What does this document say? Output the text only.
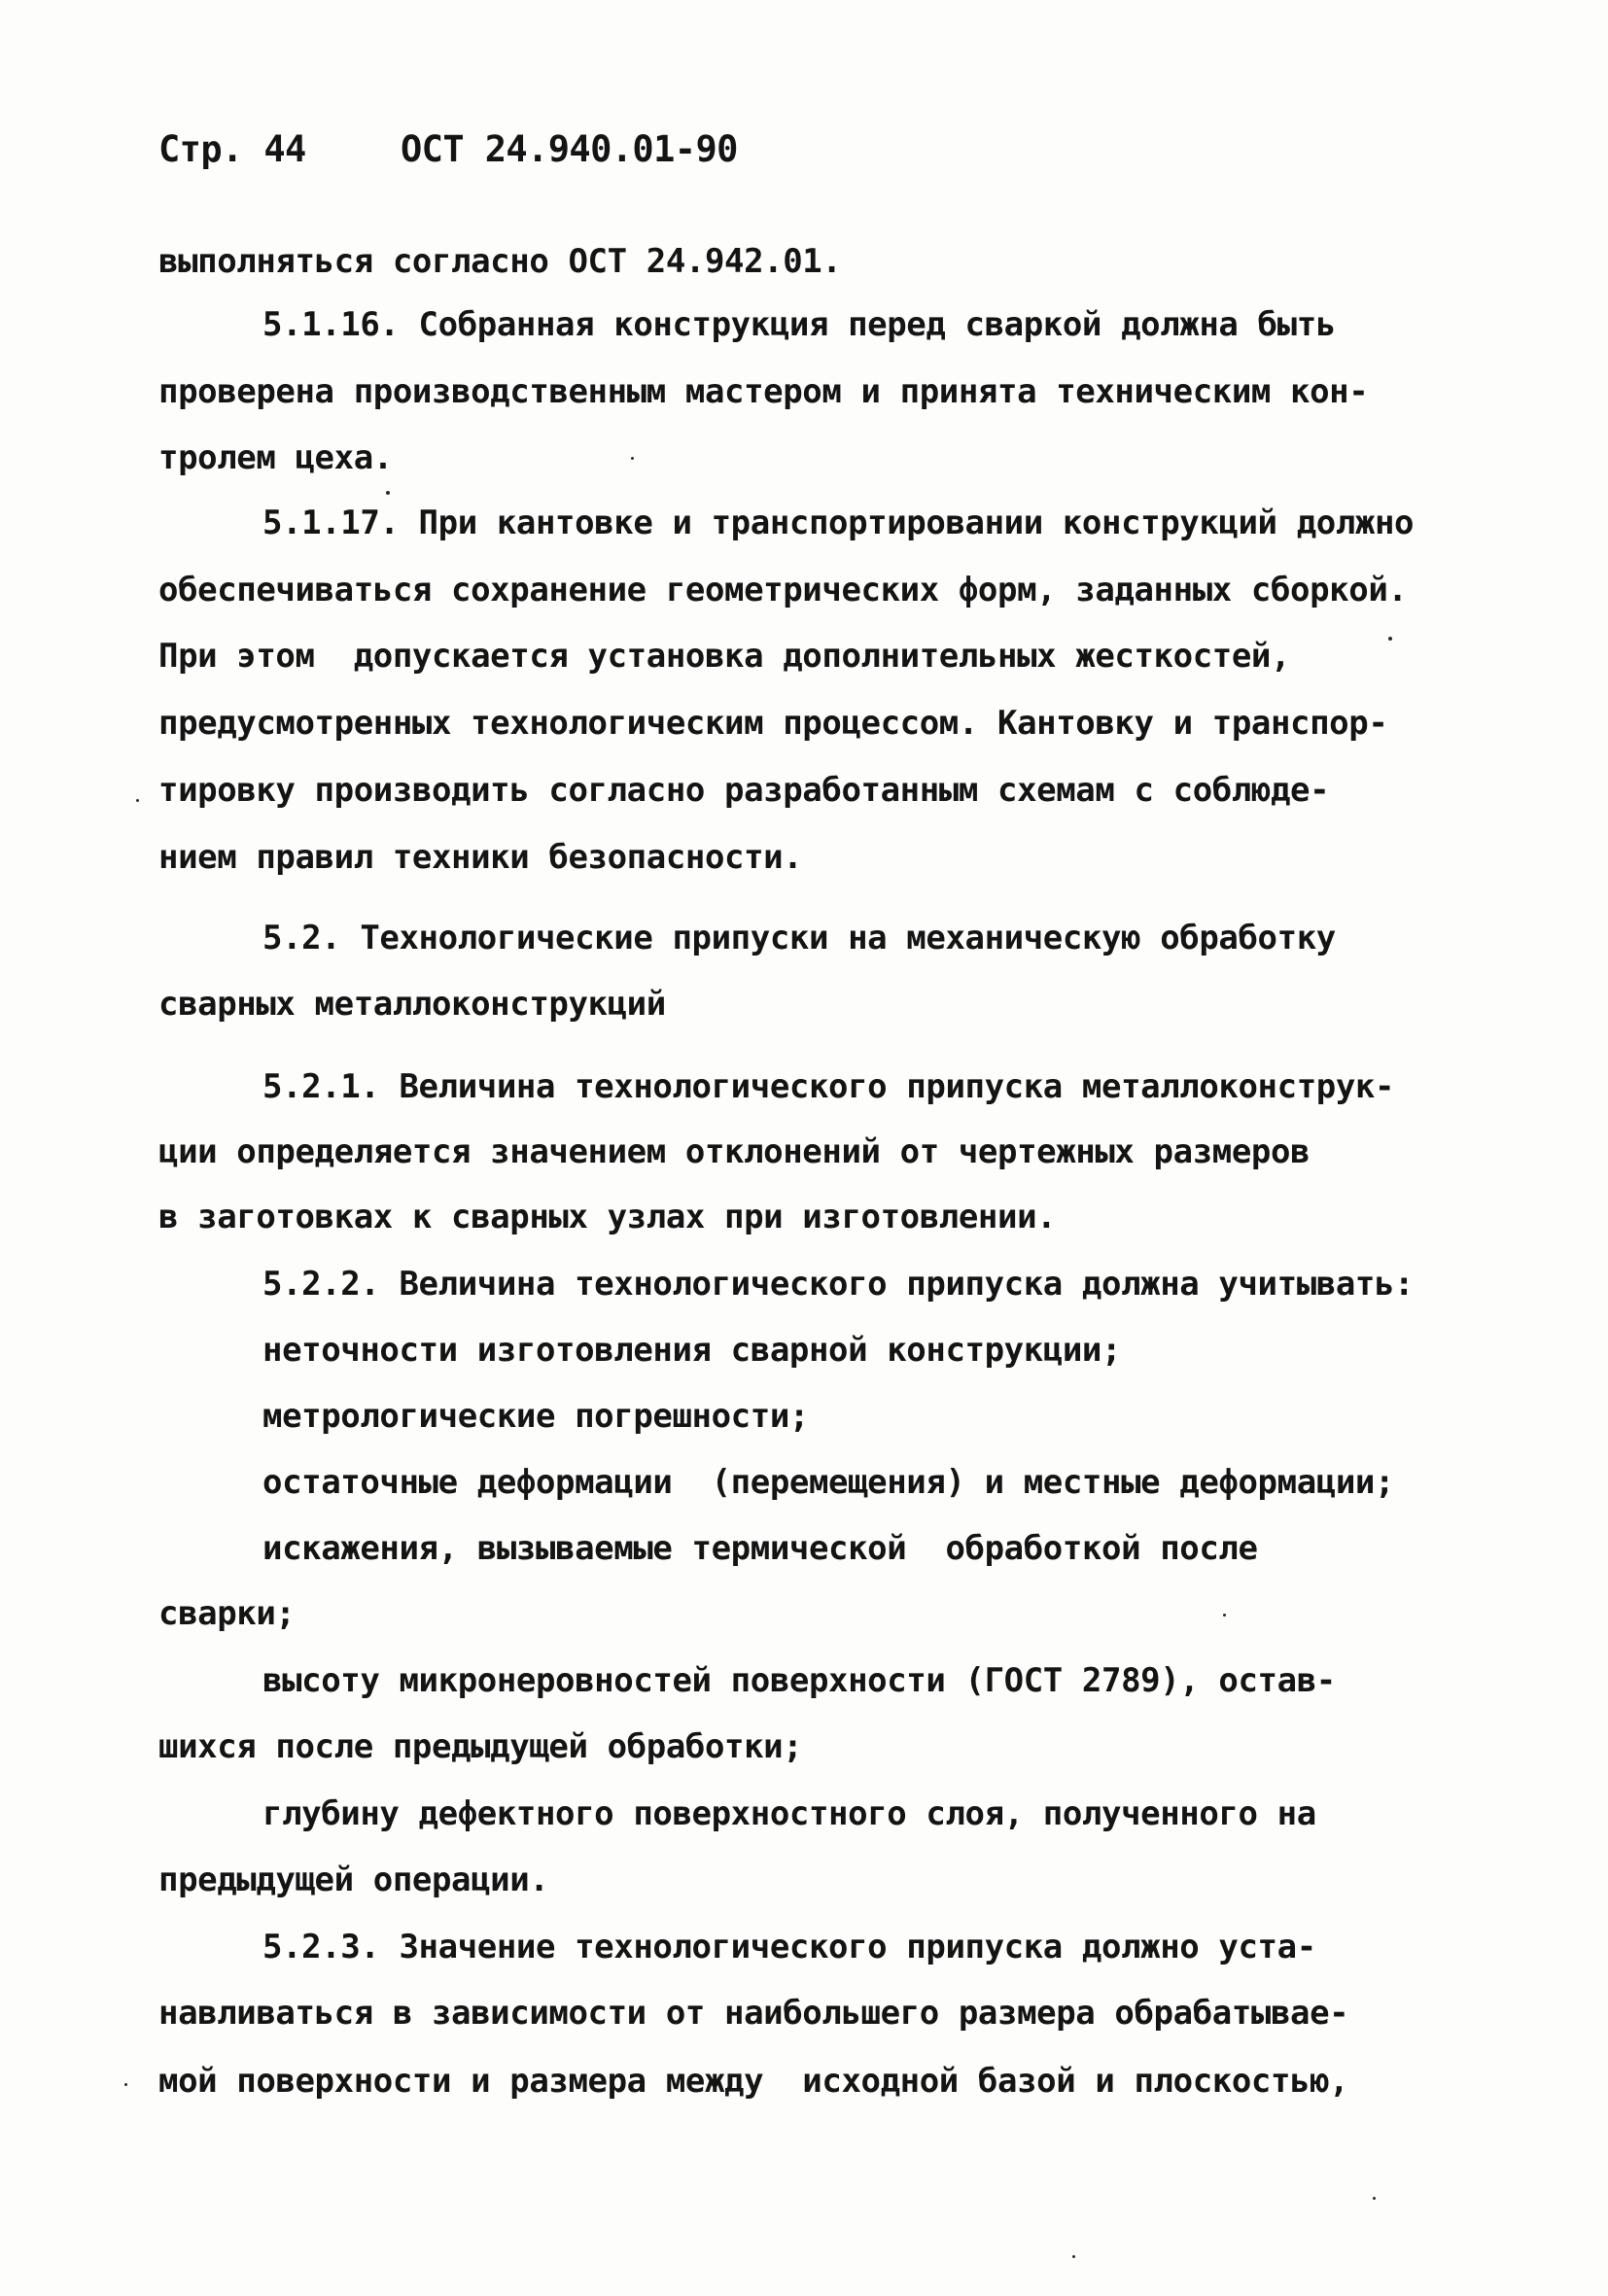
Стр. 44	ОСТ 24.940.01-90
выполняться согласно ОСТ 24.942.01.
5.1.16. Собранная конструкция перед сваркой должна быть
проверена производственным мастером и принята техническим кон-
тролем цеха.
5.1.17. При кантовке и транспортировании конструкций должно
обеспечиваться сохранение геометрических форм, заданных сборкой.
При этом  допускается установка дополнительных жесткостей,
предусмотренных технологическим процессом. Кантовку и транспор-
тировку производить согласно разработанным схемам с соблюде-
нием правил техники безопасности.
5.2. Технологические припуски на механическую обработку
сварных металлоконструкций
5.2.1. Величина технологического припуска металлоконструк-
ции определяется значением отклонений от чертежных размеров
в заготовках к сварных узлах при изготовлении.
5.2.2. Величина технологического припуска должна учитывать:
неточности изготовления сварной конструкции;
метрологические погрешности;
остаточные деформации  (перемещения) и местные деформации;
искажения, вызываемые термической  обработкой после
сварки;
высоту микронеровностей поверхности (ГОСТ 2789), остав-
шихся после предыдущей обработки;
глубину дефектного поверхностного слоя, полученного на
предыдущей операции.
5.2.3. Значение технологического припуска должно уста-
навливаться в зависимости от наибольшего размера обрабатывае-
мой поверхности и размера между  исходной базой и плоскостью,
